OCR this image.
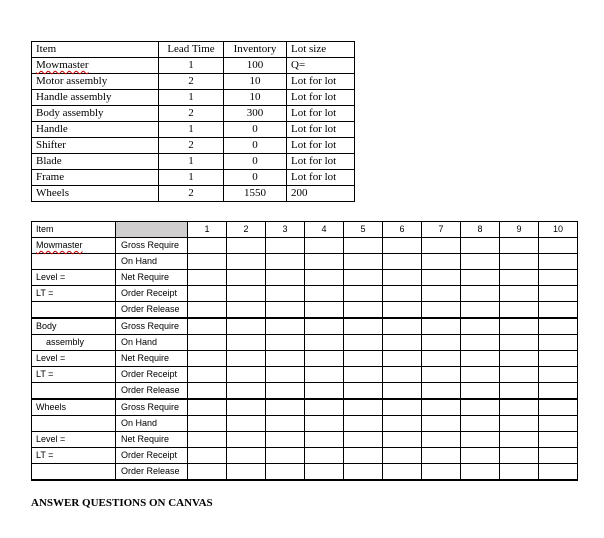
Item	Lead Time	Inventory	Lot size
Mowmaster	1	100	Q=
Motor assembly	2	10	Lot for lot
Handle assembly	1	10	Lot for lot
Body assembly	2	300	Lot for lot
Handle	1	0	Lot for lot
Shifter	2	0	Lot for lot
Blade	1	0	Lot for lot
Frame	1	0	Lot for lot
Wheels	2	1550	200
Item		1	2	3	4	5	6	7	8	9	10
Mowmaster	Gross Require										
	On Hand										
Level =	Net Require										
LT =	Order Receipt										
	Order Release										
Body	Gross Require										
assembly	On Hand										
Level =	Net Require										
LT =	Order Receipt										
	Order Release										
Wheels	Gross Require										
	On Hand										
Level =	Net Require										
LT =	Order Receipt										
	Order Release										
ANSWER QUESTIONS ON CANVAS
